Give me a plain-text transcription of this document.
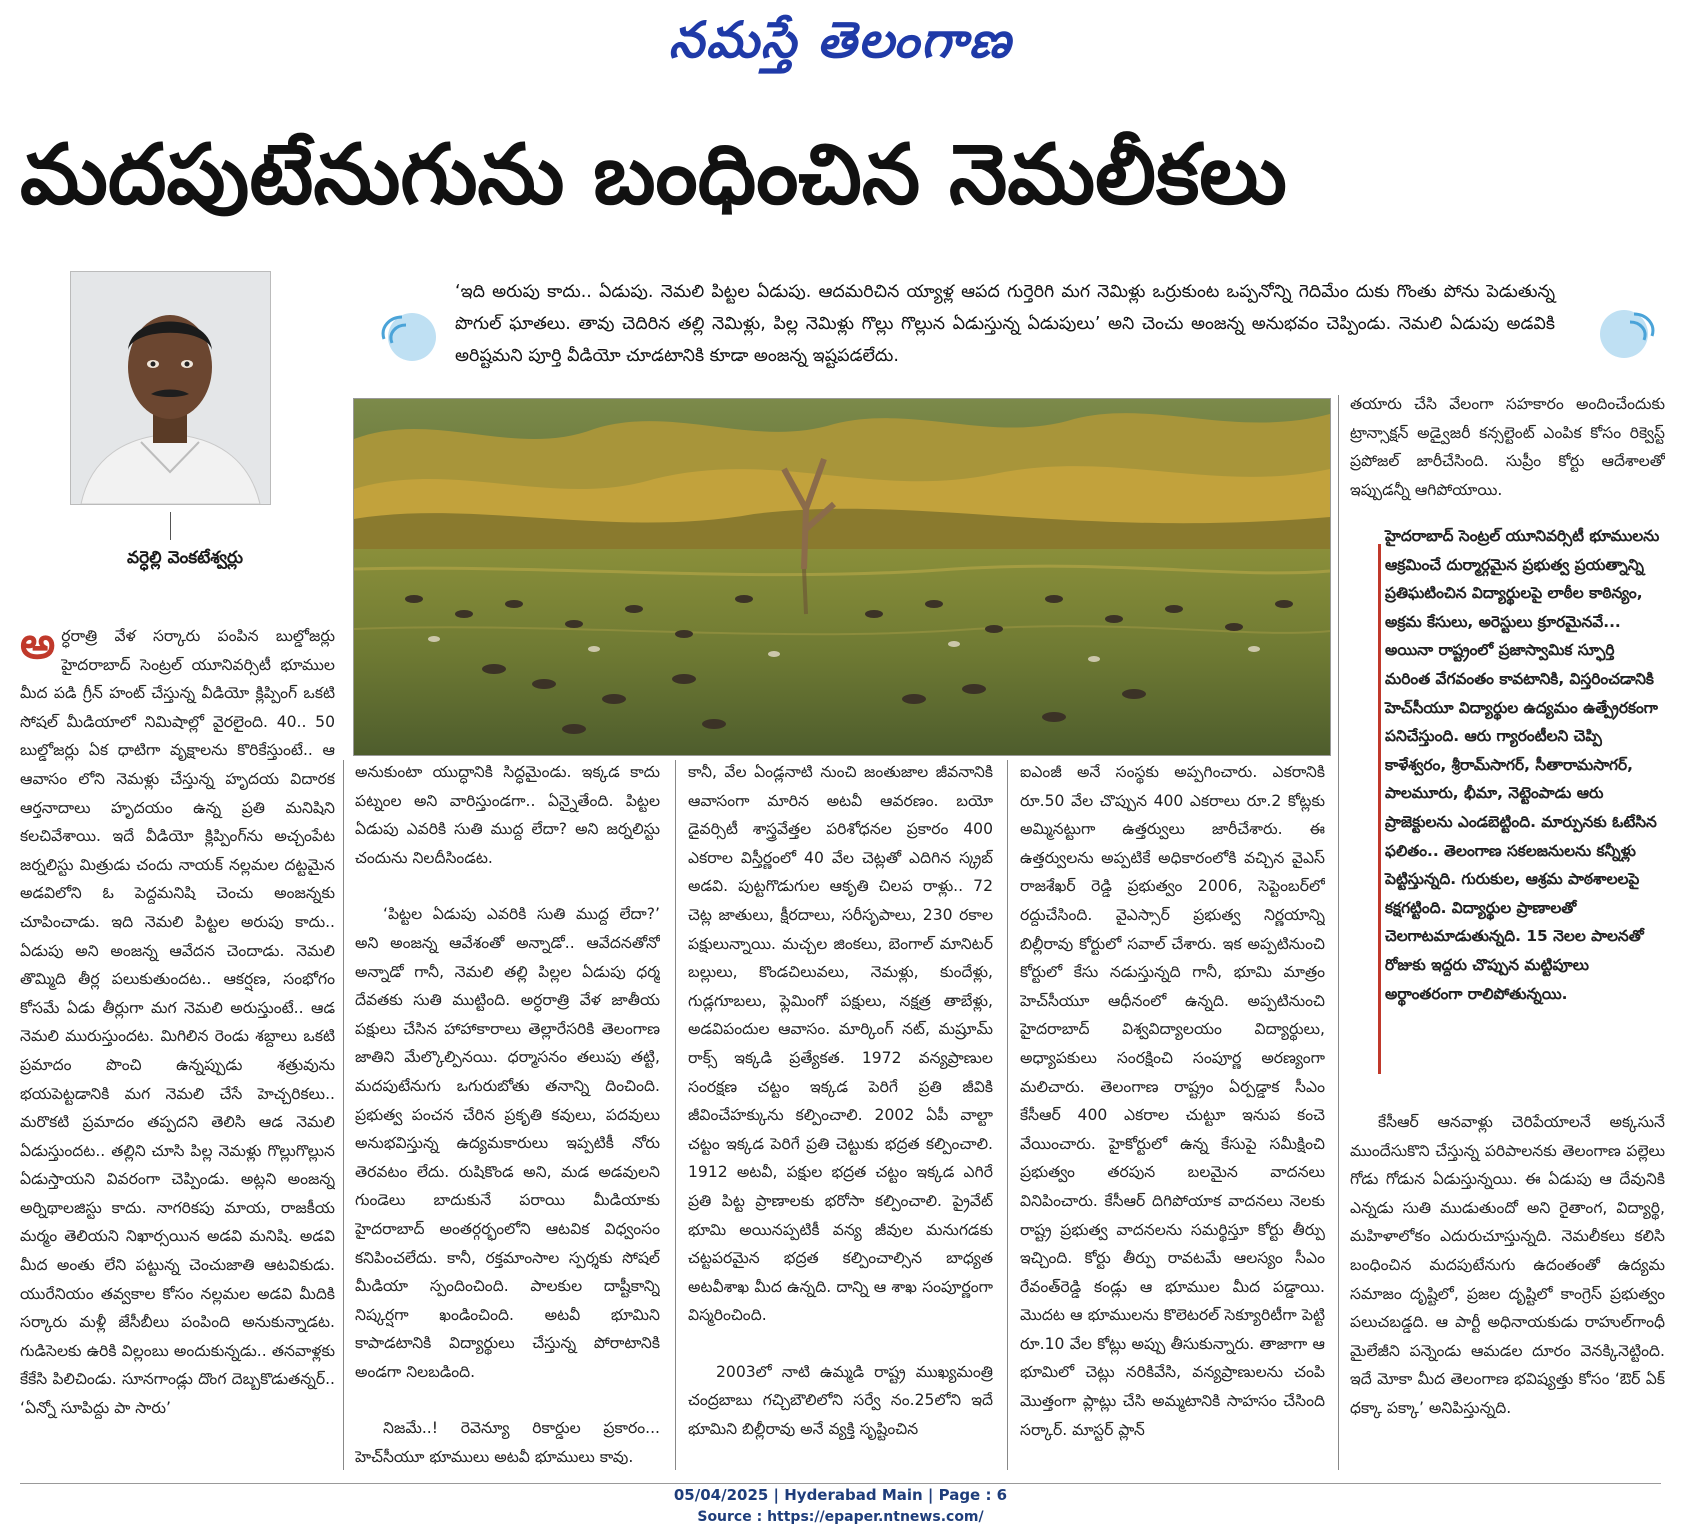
నమస్తే తెలంగాణ
మదపుటేనుగును బంధించిన నెమలీకలు
వర్ధెల్లి వెంకటేశ్వర్లు
‘ఇది అరుపు కాదు.. ఏడుపు. నెమలి పిట్టల ఏడుపు. ఆదమరిచిన య్యాళ్ల ఆపద గుర్తెరిగి మగ నెమిళ్లు ఒర్రుకుంట ఒప్పనోన్ని గెదిమేం దుకు గొంతు పోను పెడుతున్న పొగుల్ ఘాతలు. తావు చెదిరిన తల్లి నెమిళ్లు, పిల్ల నెమిళ్లు గొల్లు గొల్లున ఏడుస్తున్న ఏడుపులు’ అని చెంచు అంజన్న అనుభవం చెప్పిండు. నెమలి ఏడుపు అడవికి అరిష్టమని పూర్తి వీడియో చూడటానికి కూడా అంజన్న ఇష్టపడలేదు.
అర్ధరాత్రి వేళ సర్కారు పంపిన బుల్డోజర్లు హైదరాబాద్ సెంట్రల్ యూనివర్సిటీ భూముల మీద పడి గ్రీన్ హంట్ చేస్తున్న వీడియో క్లిప్పింగ్ ఒకటి సోషల్ మీడియాలో నిమిషాల్లో వైరలైంది. 40.. 50 బుల్డోజర్లు ఏక ధాటిగా వృక్షాలను కొరికేస్తుంటే.. ఆ ఆవాసం లోని నెమళ్లు చేస్తున్న హృదయ విదారక ఆర్తనాదాలు హృదయం ఉన్న ప్రతి మనిషిని కలచివేశాయి. ఇదే వీడియో క్లిప్పింగ్‌ను అచ్చంపేట జర్నలిస్టు మిత్రుడు చందు నాయక్ నల్లమల దట్టమైన అడవిలోని ఓ పెద్దమనిషి చెంచు అంజన్నకు చూపించాడు. ఇది నెమలి పిట్టల అరుపు కాదు.. ఏడుపు అని అంజన్న ఆవేదన చెందాడు. నెమలి తొమ్మిది తీర్ల పలుకుతుందట.. ఆకర్షణ, సంభోగం కోసమే ఏడు తీర్లుగా మగ నెమలి అరుస్తుంటే.. ఆడ నెమలి మురుస్తుందట. మిగిలిన రెండు శబ్దాలు ఒకటి ప్రమాదం పొంచి ఉన్నప్పుడు శత్రువును భయపెట్టడానికి మగ నెమలి చేసే హెచ్చరికలు.. మరొకటి ప్రమాదం తప్పదని తెలిసి ఆడ నెమలి ఏడుస్తుందట.. తల్లిని చూసి పిల్ల నెమళ్లు గొల్లుగొల్లున ఏడుస్తాయని వివరంగా చెప్పిండు. అట్లని అంజన్న అర్నిథాలజిస్టు కాదు. నాగరికపు మాయ, రాజకీయ మర్మం తెలియని నిఖార్సయిన అడవి మనిషి. అడవి మీద అంతు లేని పట్టున్న చెంచుజాతి ఆటవికుడు. యురేనియం తవ్వకాల కోసం నల్లమల అడవి మీదికి సర్కారు మళ్లీ జేసీబీలు పంపింది అనుకున్నాడట. గుడిసెలకు ఉరికి విల్లంబు అందుకున్నడు.. తనవాళ్లకు కేకేసి పిలిచిండు. సూనగాండ్లు దొంగ దెబ్బకొడుతన్నర్.. ‘ఏన్నో సూపిద్దు పా సారు’

అనుకుంటా యుద్ధానికి సిద్ధమైండు. ఇక్కడ కాదు పట్నంల అని వారిస్తుండగా.. ఏన్నైతేంది. పిట్టల ఏడుపు ఎవరికి సుతి ముద్ద లేదా? అని జర్నలిస్టు చందును నిలదీసిండట.

‘పిట్టల ఏడుపు ఎవరికి సుతి ముద్ద లేదా?’ అని అంజన్న ఆవేశంతో అన్నాడో.. ఆవేదనతోనో అన్నాడో గానీ, నెమలి తల్లి పిల్లల ఏడుపు ధర్మ దేవతకు సుతి ముట్టింది. అర్ధరాత్రి వేళ జాతీయ పక్షులు చేసిన హాహాకారాలు తెల్లారేసరికి తెలంగాణ జాతిని మేల్కొల్పినయి. ధర్మాసనం తలుపు తట్టి, మదపుటేనుగు ఒగురుబోతు తనాన్ని దించింది. ప్రభుత్వ పంచన చేరిన ప్రకృతి కవులు, పదవులు అనుభవిస్తున్న ఉద్యమకారులు ఇప్పటికీ నోరు తెరవటం లేదు. రుషికొండ అని, మడ అడవులని గుండెలు బాదుకునే పరాయి మీడియాకు హైదరాబాద్ అంతర్గర్భంలోని ఆటవిక విధ్వంసం కనిపించలేదు. కానీ, రక్తమాంసాల స్పర్శకు సోషల్ మీడియా స్పందించింది. పాలకుల దాష్టీకాన్ని నిష్కర్షగా ఖండించింది. అటవీ భూమిని కాపాడటానికి విద్యార్థులు చేస్తున్న పోరాటానికి అండగా నిలబడింది.

నిజమే..! రెవెన్యూ రికార్డుల ప్రకారం... హెచ్‌సీయూ భూములు అటవీ భూములు కావు.

కానీ, వేల ఏండ్లనాటి నుంచి జంతుజాల జీవనానికి ఆవాసంగా మారిన అటవీ ఆవరణం. బయో డైవర్సిటీ శాస్త్రవేత్తల పరిశోధనల ప్రకారం 400 ఎకరాల విస్తీర్ణంలో 40 వేల చెట్లతో ఎదిగిన స్క్రబ్ అడవి. పుట్టగొడుగుల ఆకృతి చిలప రాళ్లు.. 72 చెట్ల జాతులు, క్షీరదాలు, సరీసృపాలు, 230 రకాల పక్షులున్నాయి. మచ్చల జింకలు, బెంగాల్ మానిటర్ బల్లులు, కొండచిలువలు, నెమళ్లు, కుందేళ్లు, గుడ్లగూబలు, ఫ్లెమింగో పక్షులు, నక్షత్ర తాబేళ్లు, అడవిపందుల ఆవాసం. మార్కింగ్ నట్, మష్రూమ్ రాక్స్ ఇక్కడి ప్రత్యేకత. 1972 వన్యప్రాణుల సంరక్షణ చట్టం ఇక్కడ పెరిగే ప్రతి జీవికి జీవించేహక్కును కల్పించాలి. 2002 ఏపీ వాల్టా చట్టం ఇక్కడ పెరిగే ప్రతి చెట్టుకు భద్రత కల్పించాలి. 1912 అటవీ, పక్షుల భద్రత చట్టం ఇక్కడ ఎగిరే ప్రతి పిట్ట ప్రాణాలకు భరోసా కల్పించాలి. ప్రైవేట్ భూమి అయినప్పటికీ వన్య జీవుల మనుగడకు చట్టపరమైన భద్రత కల్పించాల్సిన బాధ్యత అటవీశాఖ మీద ఉన్నది. దాన్ని ఆ శాఖ సంపూర్ణంగా విస్మరించింది.

2003లో నాటి ఉమ్మడి రాష్ట్ర ముఖ్యమంత్రి చంద్రబాబు గచ్చిబౌలిలోని సర్వే నం.25లోని ఇదే భూమిని బిల్లీరావు అనే వ్యక్తి సృష్టించిన

ఐఎంజీ అనే సంస్థకు అప్పగించారు. ఎకరానికి రూ.50 వేల చొప్పున 400 ఎకరాలు రూ.2 కోట్లకు అమ్మినట్టుగా ఉత్తర్వులు జారీచేశారు. ఈ ఉత్తర్వులను అప్పటికే అధికారంలోకి వచ్చిన వైఎస్ రాజశేఖర్ రెడ్డి ప్రభుత్వం 2006, సెప్టెంబర్‌లో రద్దుచేసింది. వైఎస్సార్ ప్రభుత్వ నిర్ణయాన్ని బిల్లీరావు కోర్టులో సవాల్ చేశారు. ఇక అప్పటినుంచి కోర్టులో కేసు నడుస్తున్నది గానీ, భూమి మాత్రం హెచ్‌సీయూ ఆధీనంలో ఉన్నది. అప్పటినుంచి హైదరాబాద్ విశ్వవిద్యాలయం విద్యార్థులు, అధ్యాపకులు సంరక్షించి సంపూర్ణ అరణ్యంగా మలిచారు. తెలంగాణ రాష్ట్రం ఏర్పడ్డాక సీఎం కేసీఆర్ 400 ఎకరాల చుట్టూ ఇనుప కంచె వేయించారు. హైకోర్టులో ఉన్న కేసుపై సమీక్షించి ప్రభుత్వం తరపున బలమైన వాదనలు వినిపించారు. కేసీఆర్ దిగిపోయాక వాదనలు నెలకు రాష్ట్ర ప్రభుత్వ వాదనలను సమర్థిస్తూ కోర్టు తీర్పు ఇచ్చింది. కోర్టు తీర్పు రావటమే ఆలస్యం సీఎం రేవంత్‌రెడ్డి కండ్లు ఆ భూముల మీద పడ్డాయి. మొదట ఆ భూములను కొలెటరల్ సెక్యూరిటీగా పెట్టి రూ.10 వేల కోట్లు అప్పు తీసుకున్నారు. తాజాగా ఆ భూమిలో చెట్లు నరికివేసి, వన్యప్రాణులను చంపి మొత్తంగా ప్లాట్లు చేసి అమ్మటానికి సాహసం చేసింది సర్కార్. మాస్టర్ ప్లాన్
తయారు చేసి వేలంగా సహకారం అందించేందుకు ట్రాన్సాక్షన్ అడ్వైజరీ కన్సల్టెంట్ ఎంపిక కోసం రిక్వెస్ట్ ప్రపోజల్ జారీచేసింది. సుప్రీం కోర్టు ఆదేశాలతో ఇప్పుడన్నీ ఆగిపోయాయి.
హైదరాబాద్ సెంట్రల్ యూనివర్సిటీ భూములను ఆక్రమించే దుర్మార్గమైన ప్రభుత్వ ప్రయత్నాన్ని ప్రతిఘటించిన విద్యార్థులపై లాఠీల కాఠిన్యం, అక్రమ కేసులు, అరెస్టులు క్రూరమైనవే... అయినా రాష్ట్రంలో ప్రజాస్వామిక స్ఫూర్తి మరింత వేగవంతం కావటానికి, విస్తరించడానికి హెచ్‌సీయూ విద్యార్థుల ఉద్యమం ఉత్ప్రేరకంగా పనిచేస్తుంది. ఆరు గ్యారంటీలని చెప్పి కాళేశ్వరం, శ్రీరామ్‌సాగర్, సీతారామసాగర్, పాలమూరు, భీమా, నెట్టెంపాడు ఆరు ప్రాజెక్టులను ఎండబెట్టింది. మార్పునకు ఓటేసిన ఫలితం.. తెలంగాణ సకలజనులను కన్నీళ్లు పెట్టిస్తున్నది. గురుకుల, ఆశ్రమ పాఠశాలలపై కక్షగట్టింది. విద్యార్థుల ప్రాణాలతో చెలగాటమాడుతున్నది. 15 నెలల పాలనతో రోజుకు ఇద్దరు చొప్పున మట్టిపూలు అర్థాంతరంగా రాలిపోతున్నయి.
కేసీఆర్ ఆనవాళ్లు చెరిపేయాలనే అక్కసునే ముందేసుకొని చేస్తున్న పరిపాలనకు తెలంగాణ పల్లెలు గోడు గోడున ఏడుస్తున్నయి. ఈ ఏడుపు ఆ దేవునికి ఎన్నడు సుతి ముడుతుందో అని రైతాంగ, విద్యార్థి, మహిళాలోకం ఎదురుచూస్తున్నది. నెమలీకలు కలిసి బంధించిన మదపుటేనుగు ఉదంతంతో ఉద్యమ సమాజం దృష్టిలో, ప్రజల దృష్టిలో కాంగ్రెస్ ప్రభుత్వం పలుచబడ్డది. ఆ పార్టీ అధినాయకుడు రాహుల్‌గాంధీ మైలేజీని పన్నెండు ఆమడల దూరం వెనక్కినెట్టింది. ఇదే మోకా మీద తెలంగాణ భవిష్యత్తు కోసం ‘ఔర్ ఏక్ ధక్కా పక్కా’ అనిపిస్తున్నది.
05/04/2025 | Hyderabad Main | Page : 6
Source : https://epaper.ntnews.com/
